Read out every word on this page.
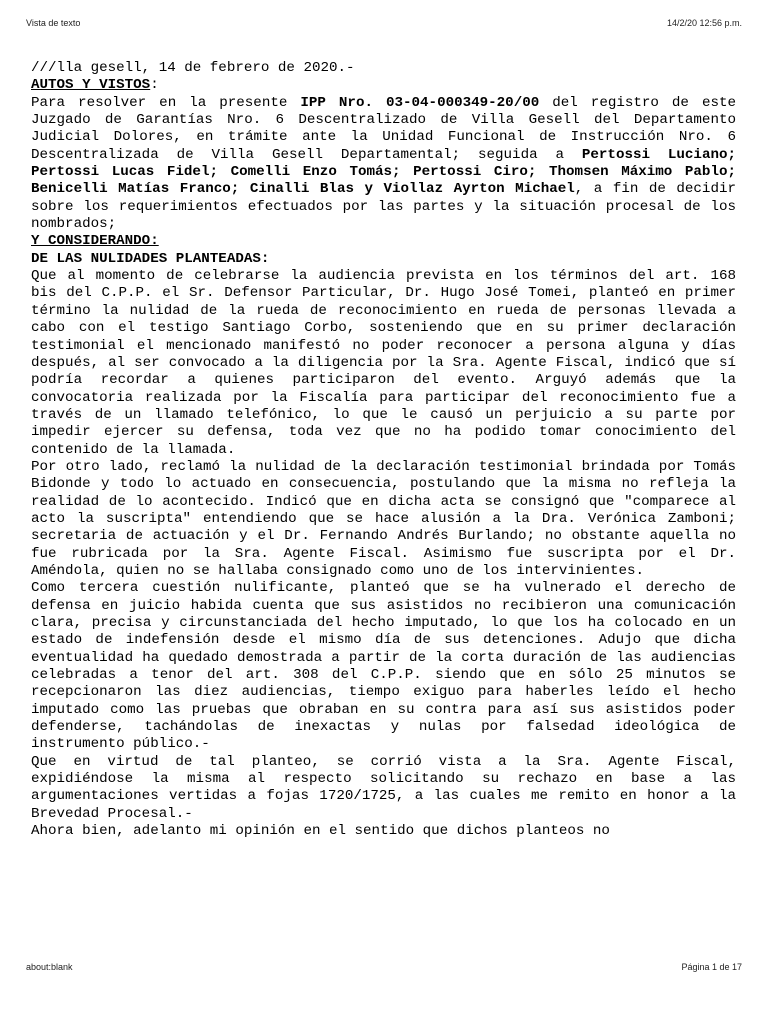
Vista de texto	14/2/20 12:56 p.m.

///lla gesell, 14 de febrero de 2020.-

AUTOS Y VISTOS:

Para resolver en la presente IPP Nro. 03-04-000349-20/00 del registro de este Juzgado de Garantías Nro. 6 Descentralizado de Villa Gesell del Departamento Judicial Dolores, en trámite ante la Unidad Funcional de Instrucción Nro. 6 Descentralizada de Villa Gesell Departamental; seguida a Pertossi Luciano; Pertossi Lucas Fidel; Comelli Enzo Tomás; Pertossi Ciro; Thomsen Máximo Pablo; Benicelli Matías Franco; Cinalli Blas y Viollaz Ayrton Michael, a fin de decidir sobre los requerimientos efectuados por las partes y la situación procesal de los nombrados;

Y CONSIDERANDO:

DE LAS NULIDADES PLANTEADAS:

Que al momento de celebrarse la audiencia prevista en los términos del art. 168 bis del C.P.P. el Sr. Defensor Particular, Dr. Hugo José Tomei, planteó en primer término la nulidad de la rueda de reconocimiento en rueda de personas llevada a cabo con el testigo Santiago Corbo, sosteniendo que en su primer declaración testimonial el mencionado manifestó no poder reconocer a persona alguna y días después, al ser convocado a la diligencia por la Sra. Agente Fiscal, indicó que sí podría recordar a quienes participaron del evento. Arguyó además que la convocatoria realizada por la Fiscalía para participar del reconocimiento fue a través de un llamado telefónico, lo que le causó un perjuicio a su parte por impedir ejercer su defensa, toda vez que no ha podido tomar conocimiento del contenido de la llamada.

Por otro lado, reclamó la nulidad de la declaración testimonial brindada por Tomás Bidonde y todo lo actuado en consecuencia, postulando que la misma no refleja la realidad de lo acontecido. Indicó que en dicha acta se consignó que "comparece al acto la suscripta" entendiendo que se hace alusión a la Dra. Verónica Zamboni; secretaria de actuación y el Dr. Fernando Andrés Burlando; no obstante aquella no fue rubricada por la Sra. Agente Fiscal. Asimismo fue suscripta por el Dr. Améndola, quien no se hallaba consignado como uno de los intervinientes.

Como tercera cuestión nulificante, planteó que se ha vulnerado el derecho de defensa en juicio habida cuenta que sus asistidos no recibieron una comunicación clara, precisa y circunstanciada del hecho imputado, lo que los ha colocado en un estado de indefensión desde el mismo día de sus detenciones. Adujo que dicha eventualidad ha quedado demostrada a partir de la corta duración de las audiencias celebradas a tenor del art. 308 del C.P.P. siendo que en sólo 25 minutos se recepcionaron las diez audiencias, tiempo exiguo para haberles leído el hecho imputado como las pruebas que obraban en su contra para así sus asistidos poder defenderse, tachándolas de inexactas y nulas por falsedad ideológica de instrumento público.-

Que en virtud de tal planteo, se corrió vista a la Sra. Agente Fiscal, expidiéndose la misma al respecto solicitando su rechazo en base a las argumentaciones vertidas a fojas 1720/1725, a las cuales me remito en honor a la Brevedad Procesal.-

Ahora bien, adelanto mi opinión en el sentido que dichos planteos no

about:blank	Página 1 de 17
